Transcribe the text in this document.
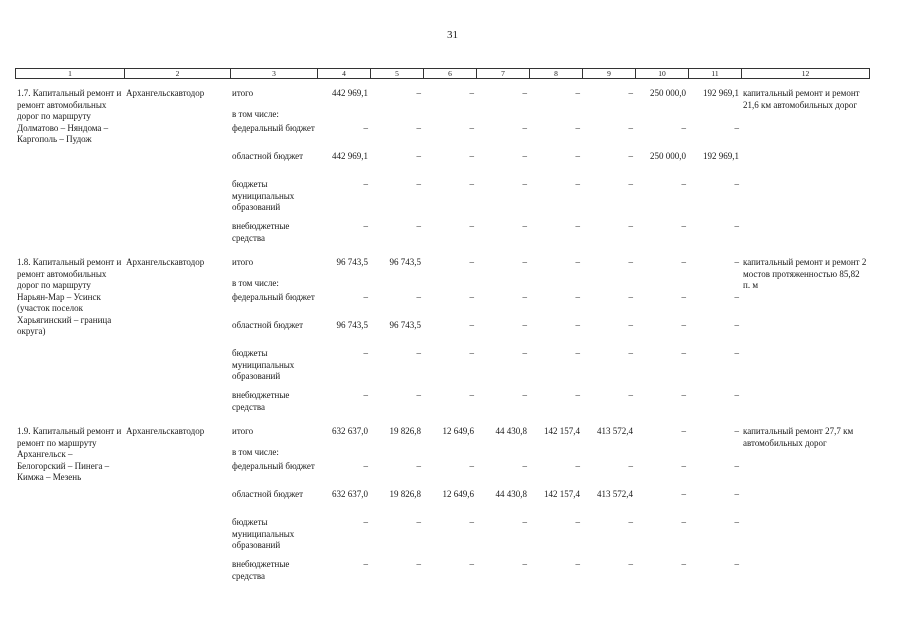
31
1	2	3	4	5	6	7	8	9	10	11	12
1.7. Капитальный ремонт и ремонт автомобильных дорог по маршруту Долматово – Няндома – Каргополь – Пудож	Архангельскавтодор	итого	442 969,1	–	–	–	–	–	250 000,0	192 969,1	капитальный ремонт и ремонт 21,6 км автомобильных дорог
		в том числе:									
		федеральный бюджет	–	–	–	–	–	–	–	–	
		областной бюджет	442 969,1	–	–	–	–	–	250 000,0	192 969,1	
		бюджеты муниципальных образований	–	–	–	–	–	–	–	–	
		внебюджетные средства	–	–	–	–	–	–	–	–	

1.8. Капитальный ремонт и ремонт автомобильных дорог по маршруту Нарьян-Мар – Усинск (участок поселок Харьягинский – граница округа)	Архангельскавтодор	итого	96 743,5	96 743,5	–	–	–	–	–	–	капитальный ремонт и ремонт 2 мостов протяженностью 85,82 п. м
		в том числе:									
		федеральный бюджет	–	–	–	–	–	–	–	–	
		областной бюджет	96 743,5	96 743,5	–	–	–	–	–	–	
		бюджеты муниципальных образований	–	–	–	–	–	–	–	–	
		внебюджетные средства	–	–	–	–	–	–	–	–	

1.9. Капитальный ремонт и ремонт по маршруту Архангельск – Белогорский – Пинега – Кимжа – Мезень	Архангельскавтодор	итого	632 637,0	19 826,8	12 649,6	44 430,8	142 157,4	413 572,4	–	–	капитальный ремонт 27,7 км автомобильных дорог
		в том числе:									
		федеральный бюджет	–	–	–	–	–	–	–	–	
		областной бюджет	632 637,0	19 826,8	12 649,6	44 430,8	142 157,4	413 572,4	–	–	
		бюджеты муниципальных образований	–	–	–	–	–	–	–	–	
		внебюджетные средства	–	–	–	–	–	–	–	–	
